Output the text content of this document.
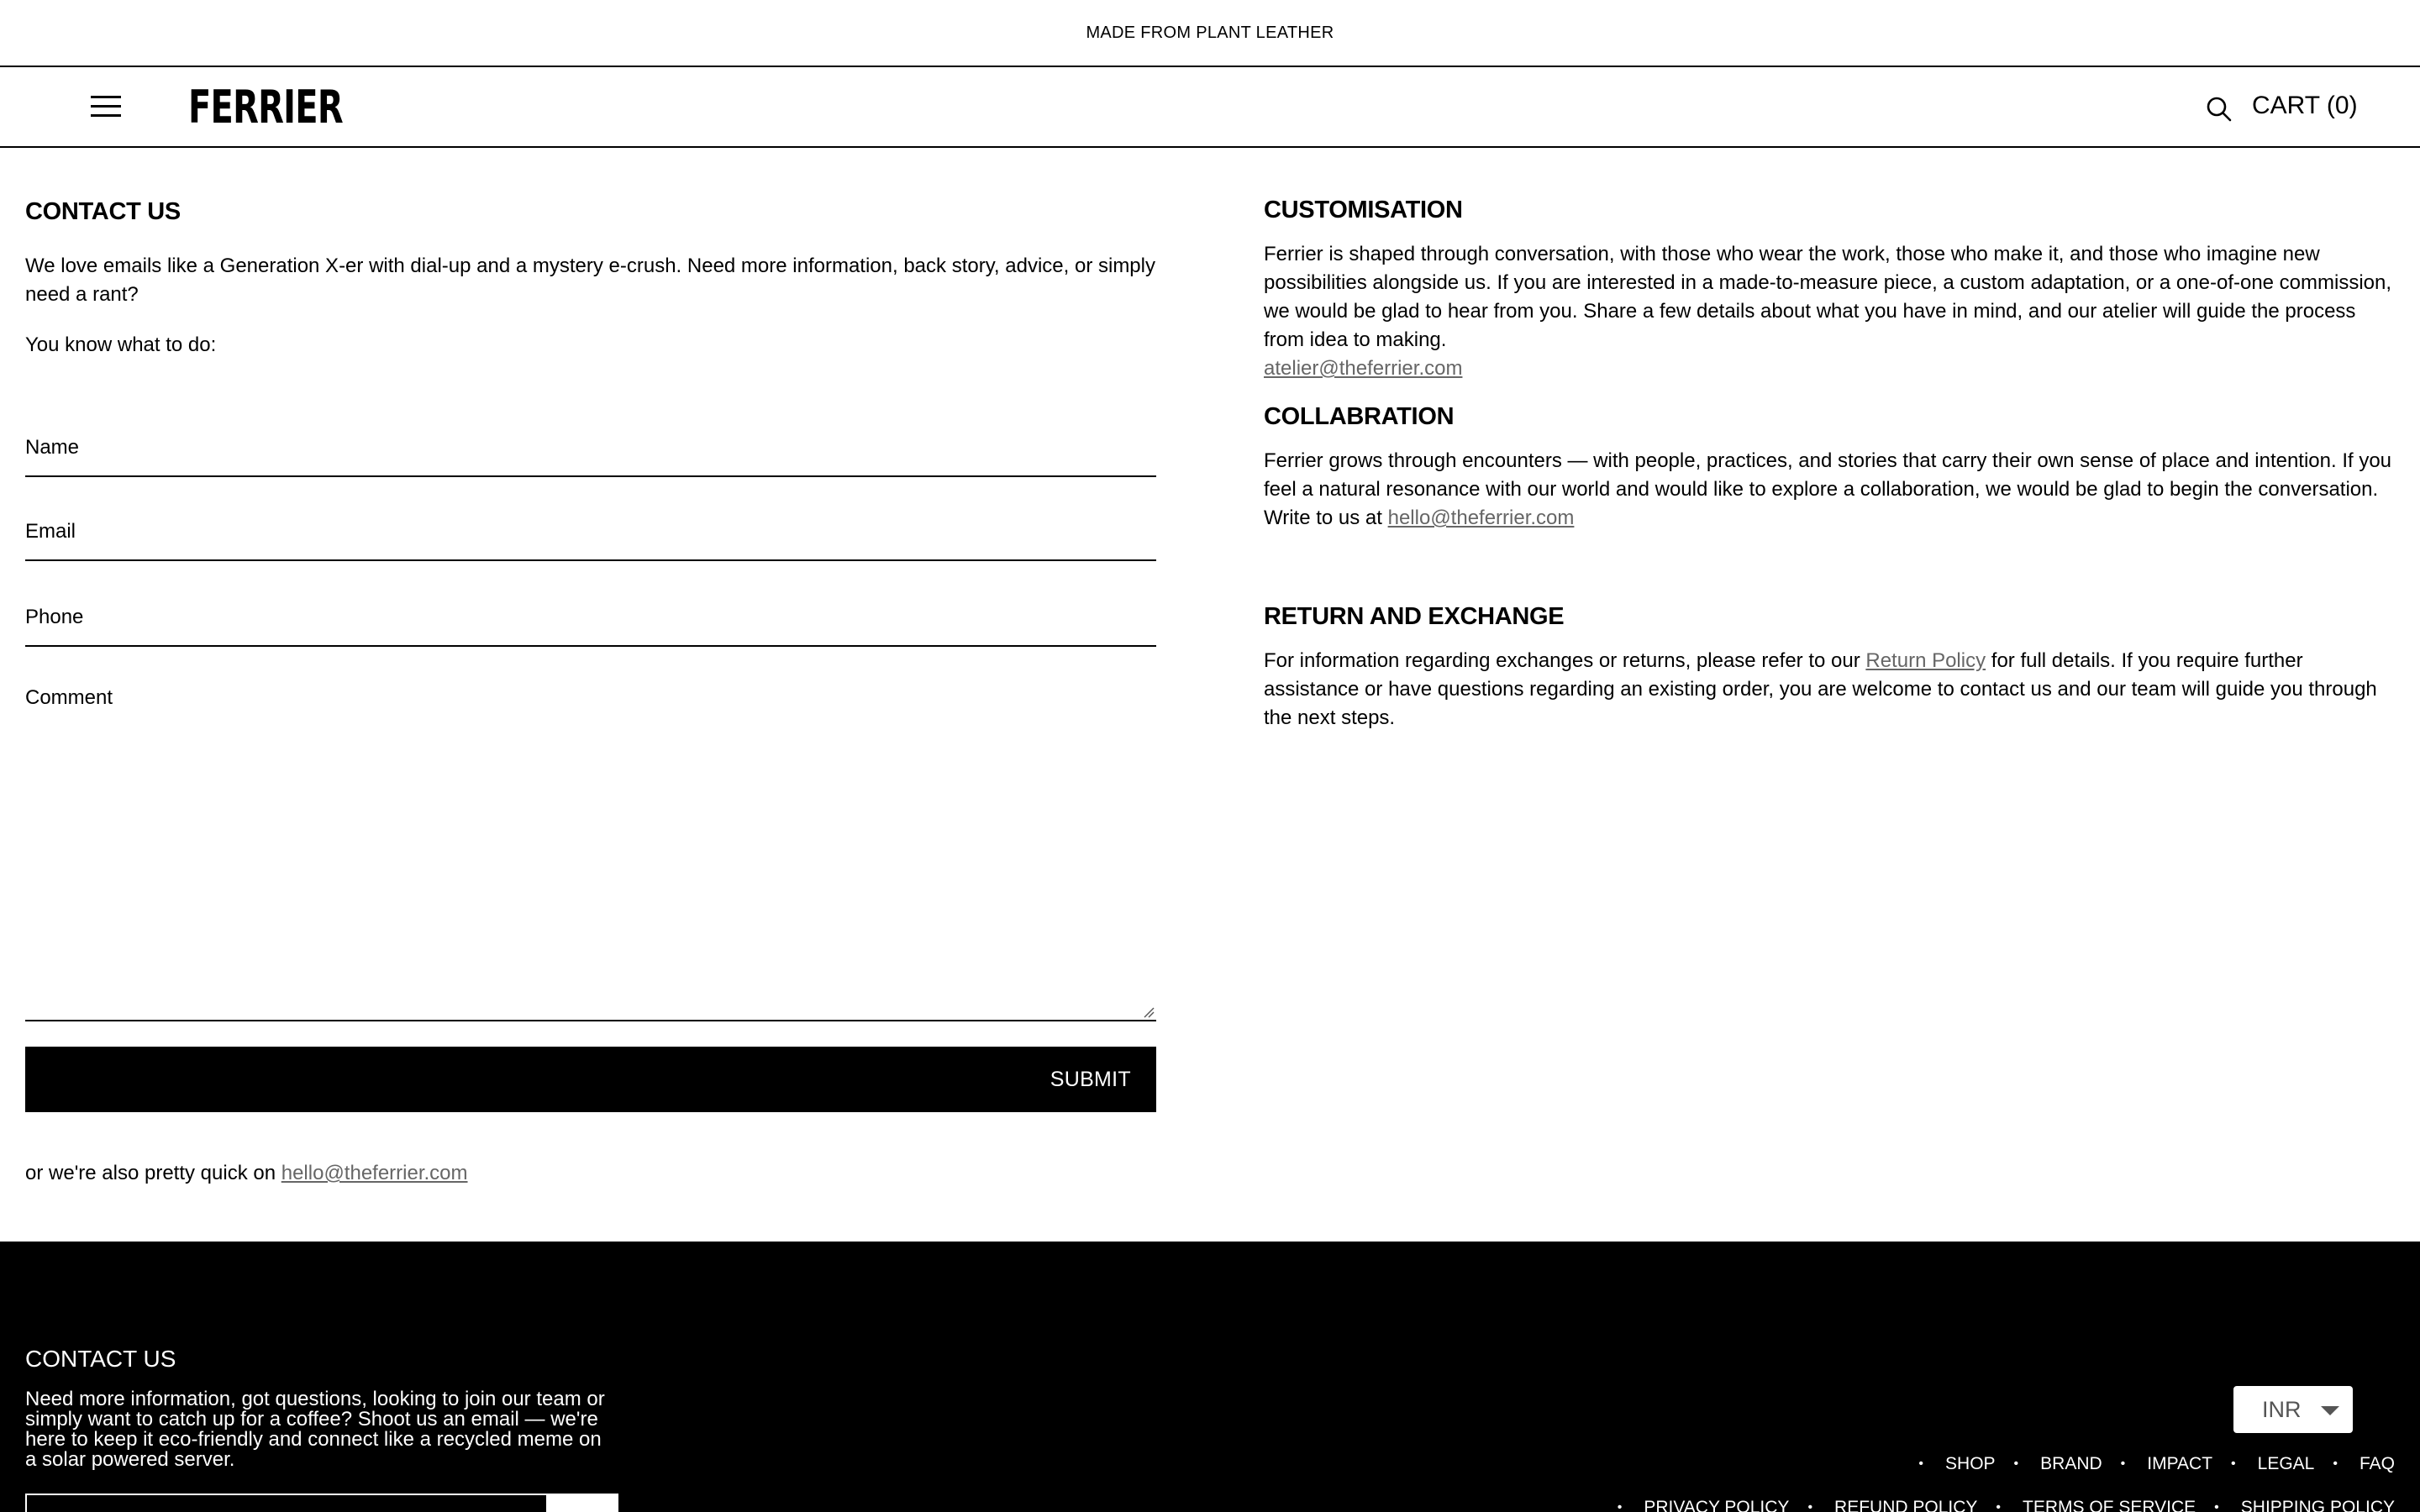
MADE FROM PLANT LEATHER
FERRIER	CART (0)
CONTACT US

We love emails like a Generation X-er with dial-up and a mystery e-crush. Need more information, back story, advice, or simply need a rant?

You know what to do:

Name
Email
Phone
Comment
SUBMIT
or we're also pretty quick on hello@theferrier.com
CUSTOMISATION
Ferrier is shaped through conversation, with those who wear the work, those who make it, and those who imagine new possibilities alongside us. If you are interested in a made-to-measure piece, a custom adaptation, or a one-of-one commission, we would be glad to hear from you. Share a few details about what you have in mind, and our atelier will guide the process from idea to making.
atelier@theferrier.com
COLLABRATION
Ferrier grows through encounters — with people, practices, and stories that carry their own sense of place and intention. If you feel a natural resonance with our world and would like to explore a collaboration, we would be glad to begin the conversation. Write to us at hello@theferrier.com
RETURN AND EXCHANGE
For information regarding exchanges or returns, please refer to our Return Policy for full details. If you require further assistance or have questions regarding an existing order, you are welcome to contact us and our team will guide you through the next steps.
CONTACT US
Need more information, got questions, looking to join our team or simply want to catch up for a coffee? Shoot us an email — we're here to keep it eco-friendly and connect like a recycled meme on a solar powered server.
INR
• SHOP	• BRAND	• IMPACT	• LEGAL	• FAQ
• PRIVACY POLICY	• REFUND POLICY	• TERMS OF SERVICE	• SHIPPING POLICY
